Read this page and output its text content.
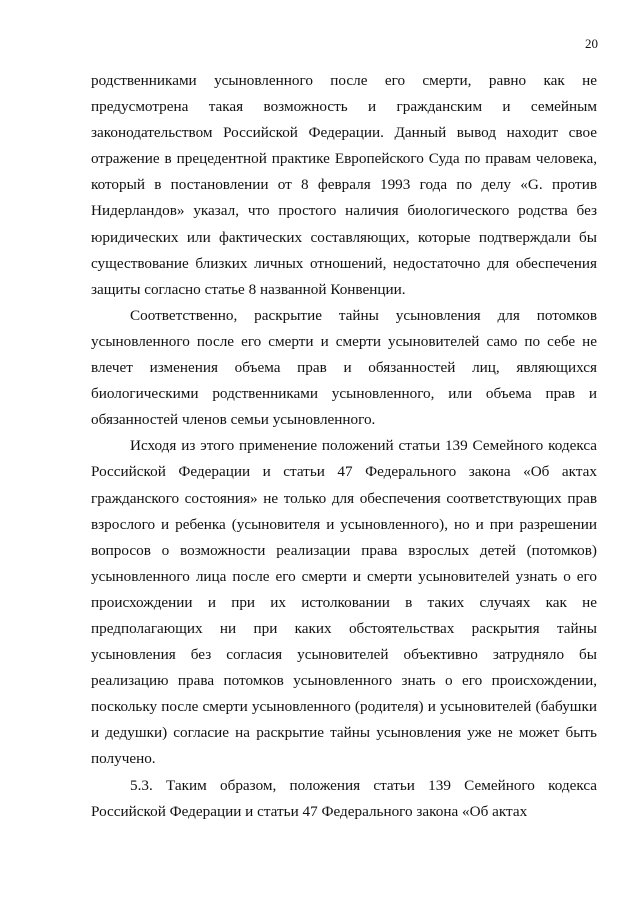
20

родственниками усыновленного после его смерти, равно как не предусмотрена такая возможность и гражданским и семейным законодательством Российской Федерации. Данный вывод находит свое отражение в прецедентной практике Европейского Суда по правам человека, который в постановлении от 8 февраля 1993 года по делу «G. против Нидерландов» указал, что простого наличия биологического родства без юридических или фактических составляющих, которые подтверждали бы существование близких личных отношений, недостаточно для обеспечения защиты согласно статье 8 названной Конвенции.

Соответственно, раскрытие тайны усыновления для потомков усыновленного после его смерти и смерти усыновителей само по себе не влечет изменения объема прав и обязанностей лиц, являющихся биологическими родственниками усыновленного, или объема прав и обязанностей членов семьи усыновленного.

Исходя из этого применение положений статьи 139 Семейного кодекса Российской Федерации и статьи 47 Федерального закона «Об актах гражданского состояния» не только для обеспечения соответствующих прав взрослого и ребенка (усыновителя и усыновленного), но и при разрешении вопросов о возможности реализации права взрослых детей (потомков) усыновленного лица после его смерти и смерти усыновителей узнать о его происхождении и при их истолковании в таких случаях как не предполагающих ни при каких обстоятельствах раскрытия тайны усыновления без согласия усыновителей объективно затрудняло бы реализацию права потомков усыновленного знать о его происхождении, поскольку после смерти усыновленного (родителя) и усыновителей (бабушки и дедушки) согласие на раскрытие тайны усыновления уже не может быть получено.

5.3. Таким образом, положения статьи 139 Семейного кодекса Российской Федерации и статьи 47 Федерального закона «Об актах
